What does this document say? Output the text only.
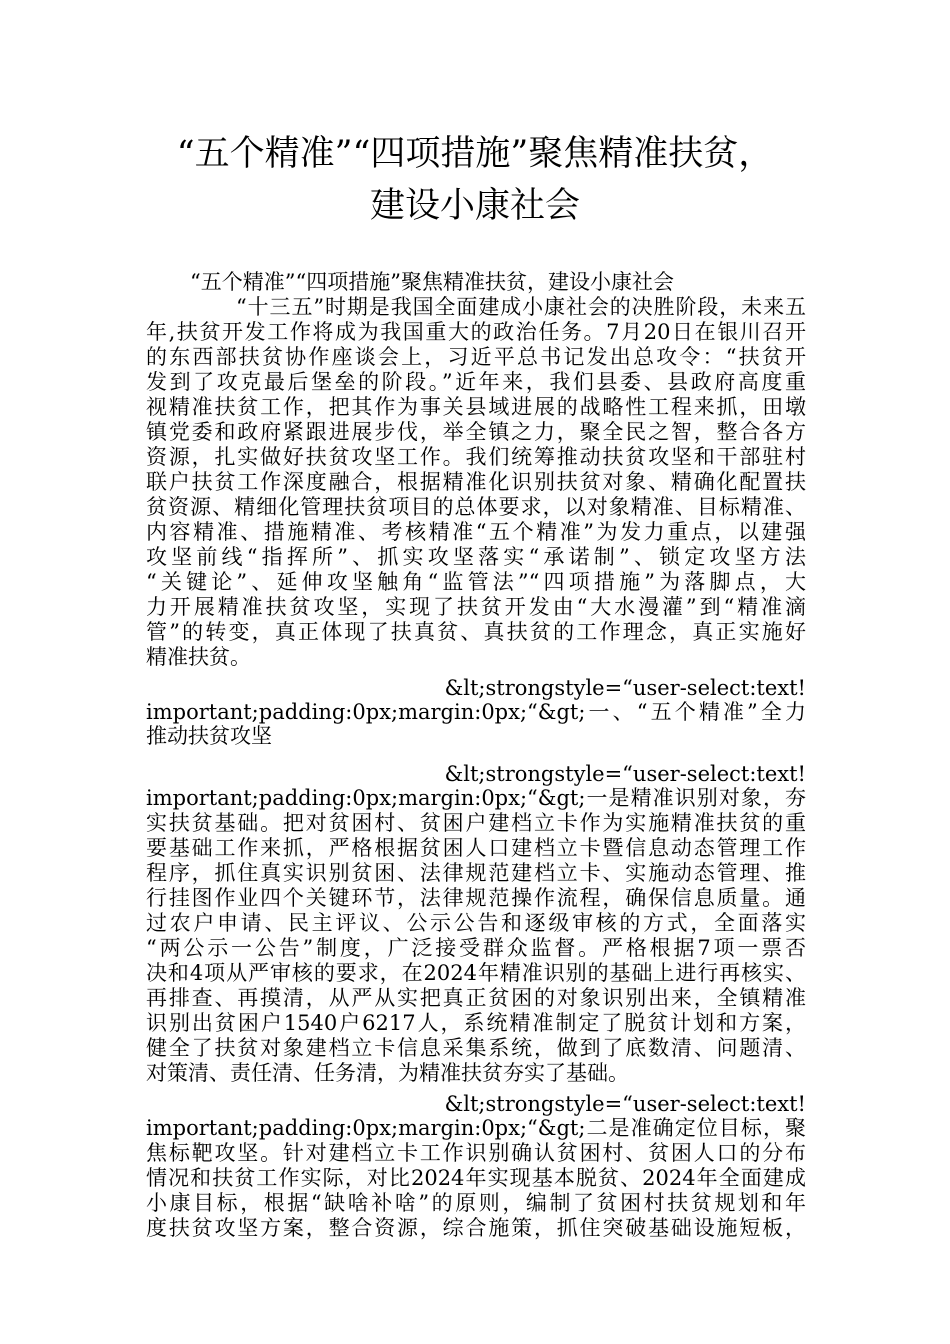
“五个精准”“四项措施”聚焦精准扶贫，
建设小康社会

“五个精准”“四项措施”聚焦精准扶贫，建设小康社会

“十三五”时期是我国全面建成小康社会的决胜阶段，未来五

年,扶贫开发工作将成为我国重大的政治任务。7月20日在银川召开

的东西部扶贫协作座谈会上，习近平总书记发出总攻令：“扶贫开

发到了攻克最后堡垒的阶段。”近年来，我们县委、县政府高度重

视精准扶贫工作，把其作为事关县域进展的战略性工程来抓，田墩

镇党委和政府紧跟进展步伐，举全镇之力，聚全民之智，整合各方

资源，扎实做好扶贫攻坚工作。我们统筹推动扶贫攻坚和干部驻村

联户扶贫工作深度融合，根据精准化识别扶贫对象、精确化配置扶

贫资源、精细化管理扶贫项目的总体要求，以对象精准、目标精准、

内容精准、措施精准、考核精准“五个精准”为发力重点，以建强

攻坚前线“指挥所”、抓实攻坚落实“承诺制”、锁定攻坚方法

“关键论”、延伸攻坚触角“监管法”“四项措施”为落脚点，大

力开展精准扶贫攻坚，实现了扶贫开发由“大水漫灌”到“精准滴

管”的转变，真正体现了扶真贫、真扶贫的工作理念，真正实施好

精准扶贫。

&lt;strongstyle=“user-select:text!

important;padding:0px;margin:0px;“&gt;一、“五个精准”全力

推动扶贫攻坚

&lt;strongstyle=“user-select:text!

important;padding:0px;margin:0px;“&gt;一是精准识别对象，夯

实扶贫基础。把对贫困村、贫困户建档立卡作为实施精准扶贫的重

要基础工作来抓，严格根据贫困人口建档立卡暨信息动态管理工作

程序，抓住真实识别贫困、法律规范建档立卡、实施动态管理、推

行挂图作业四个关键环节，法律规范操作流程，确保信息质量。通

过农户申请、民主评议、公示公告和逐级审核的方式，全面落实

“两公示一公告”制度，广泛接受群众监督。严格根据7项一票否

决和4项从严审核的要求，在2024年精准识别的基础上进行再核实、

再排查、再摸清，从严从实把真正贫困的对象识别出来，全镇精准

识别出贫困户1540户6217人，系统精准制定了脱贫计划和方案，

健全了扶贫对象建档立卡信息采集系统，做到了底数清、问题清、

对策清、责任清、任务清，为精准扶贫夯实了基础。

&lt;strongstyle=“user-select:text!

important;padding:0px;margin:0px;“&gt;二是准确定位目标，聚

焦标靶攻坚。针对建档立卡工作识别确认贫困村、贫困人口的分布

情况和扶贫工作实际，对比2024年实现基本脱贫、2024年全面建成

小康目标，根据“缺啥补啥”的原则，编制了贫困村扶贫规划和年

度扶贫攻坚方案，整合资源，综合施策，抓住突破基础设施短板，
